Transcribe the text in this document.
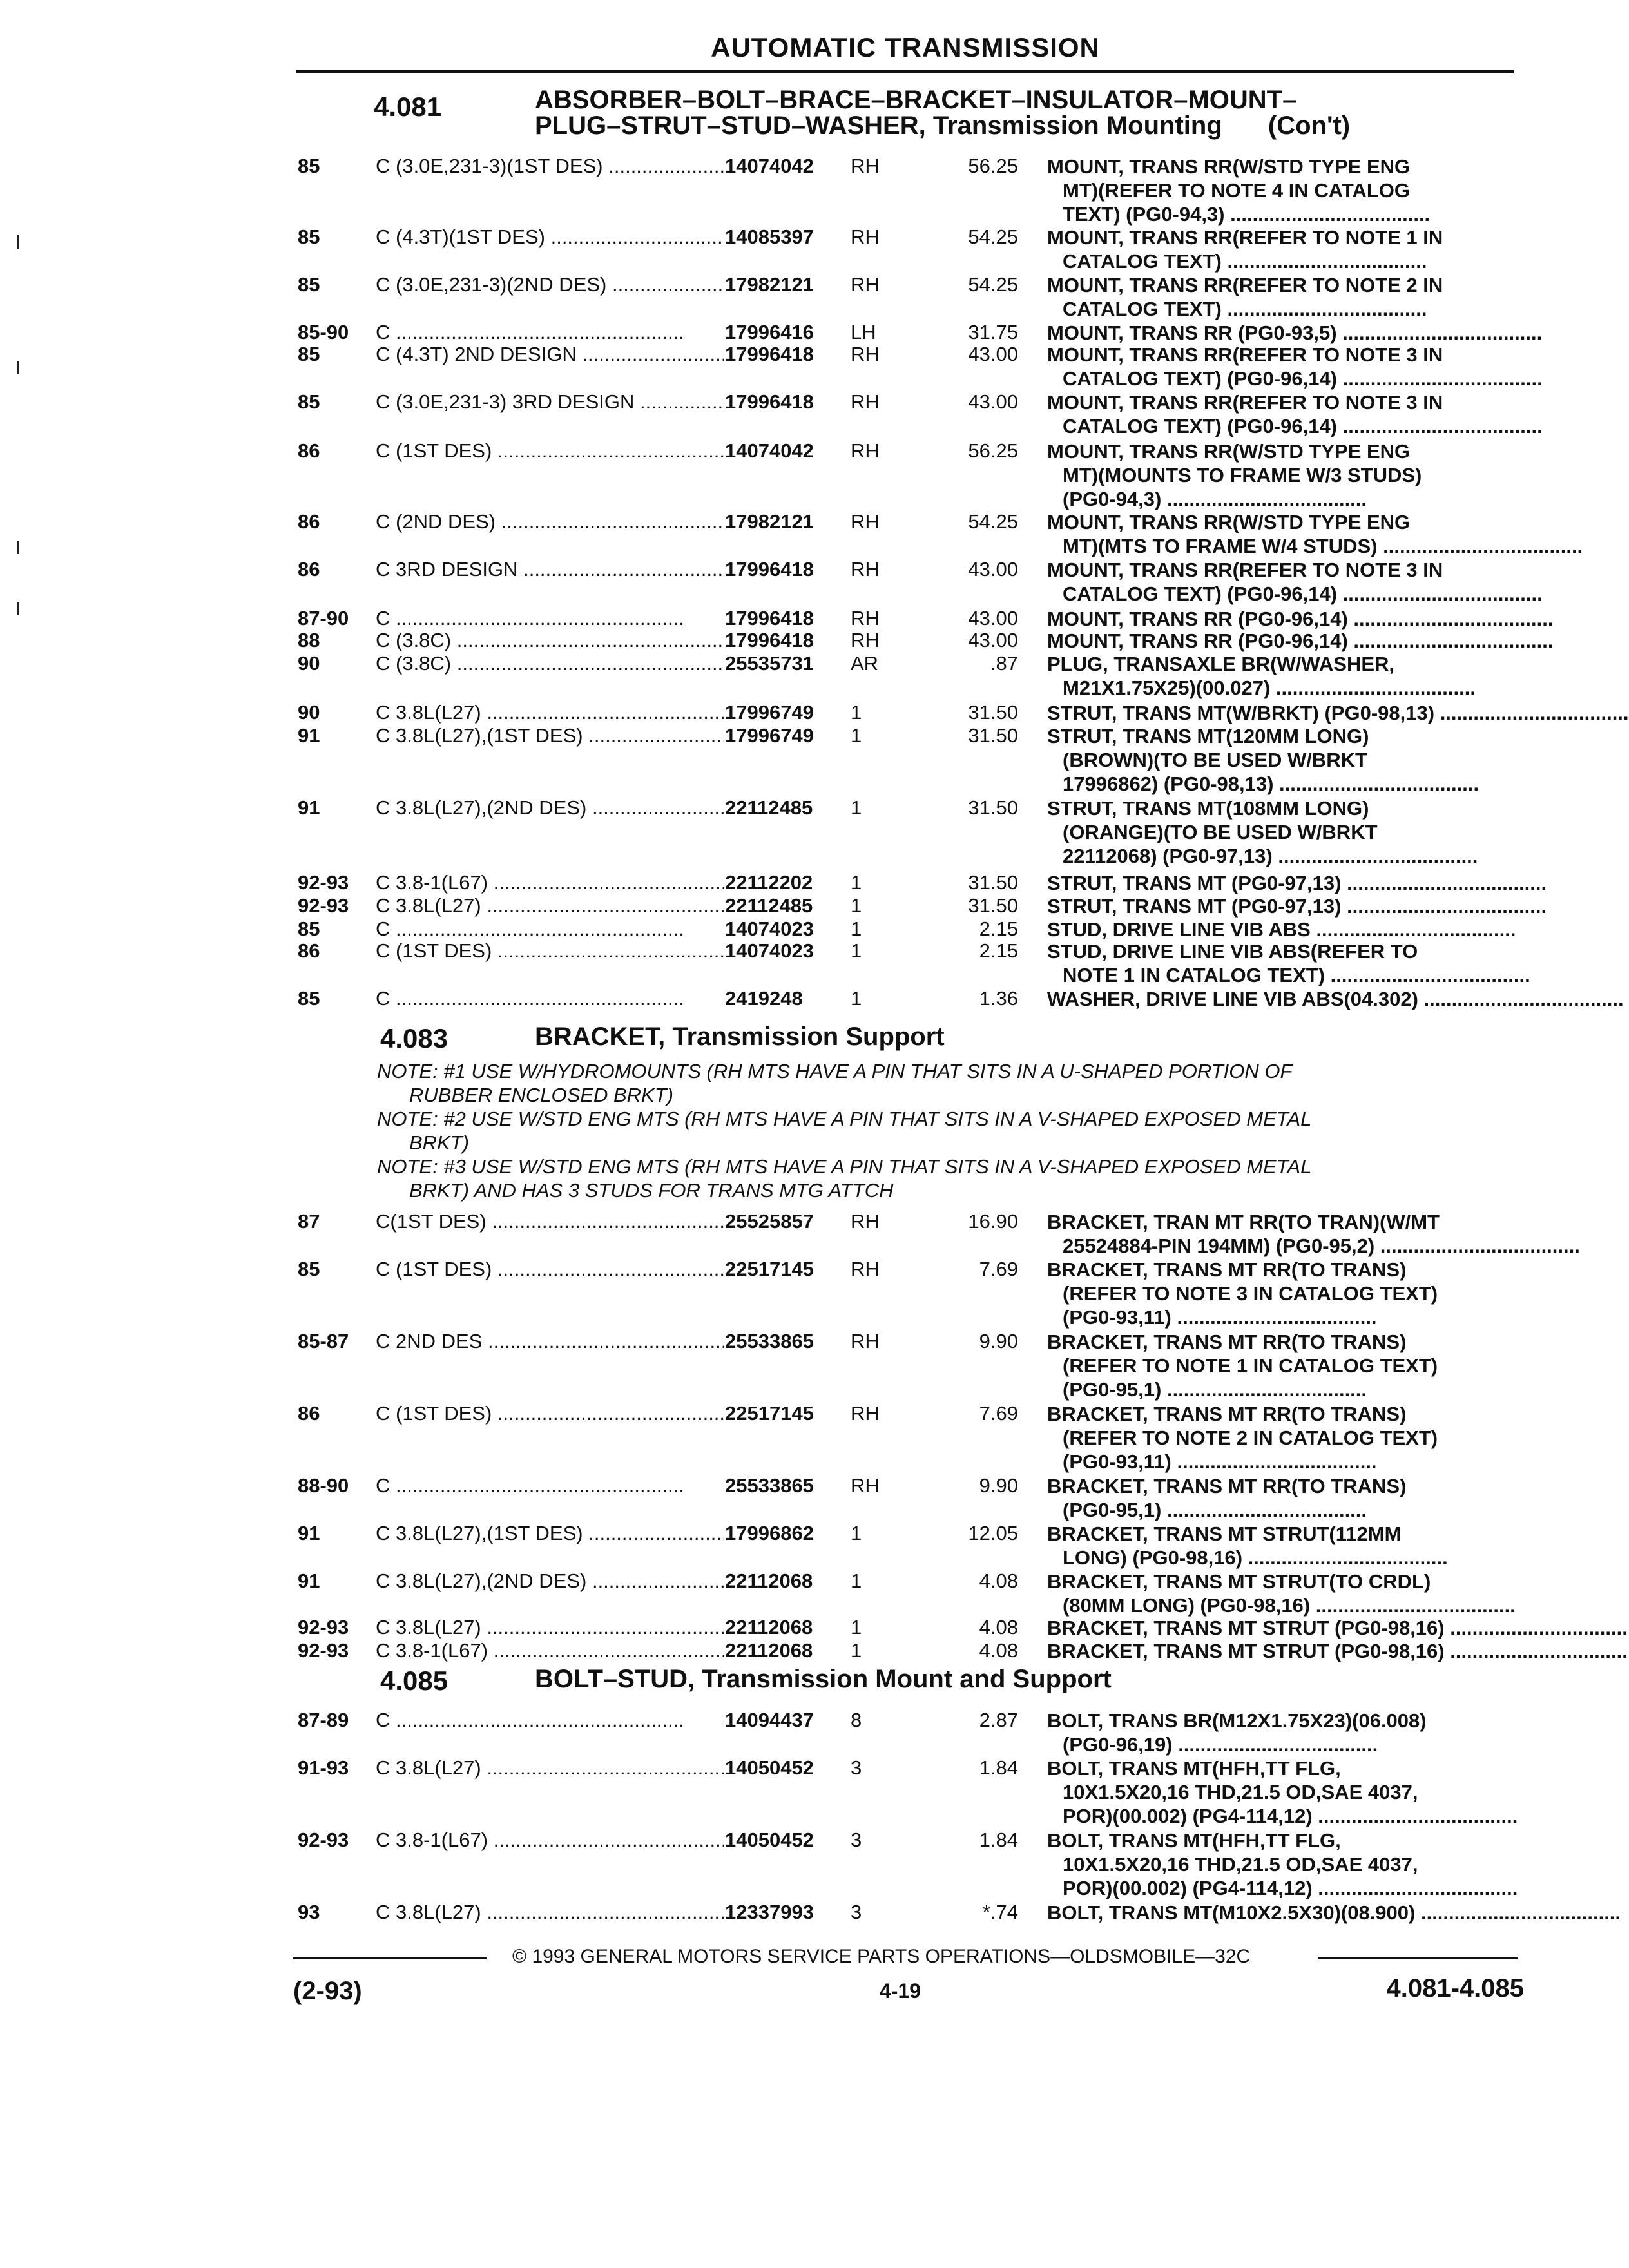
AUTOMATIC TRANSMISSION
4.081	ABSORBER–BOLT–BRACE–BRACKET–INSULATOR–MOUNT–
PLUG–STRUT–STUD–WASHER, Transmission Mounting (Con't)
85	C (3.0E,231-3)(1ST DES) .....	14074042 RH	56.25 MOUNT, TRANS RR(W/STD TYPE ENG
MT)(REFER TO NOTE 4 IN CATALOG
TEXT) (PG0-94,3) .....
85	C (4.3T)(1ST DES) .....	14085397 RH	54.25 MOUNT, TRANS RR(REFER TO NOTE 1 IN
CATALOG TEXT) .....
85	C (3.0E,231-3)(2ND DES) .....	17982121 RH	54.25 MOUNT, TRANS RR(REFER TO NOTE 2 IN
CATALOG TEXT) .....
85-90 C .....	17996416 LH	31.75 MOUNT, TRANS RR (PG0-93,5) .....
85	C (4.3T) 2ND DESIGN .....	17996418 RH	43.00 MOUNT, TRANS RR(REFER TO NOTE 3 IN
CATALOG TEXT) (PG0-96,14) .....
85	C (3.0E,231-3) 3RD DESIGN .....	17996418 RH	43.00 MOUNT, TRANS RR(REFER TO NOTE 3 IN
CATALOG TEXT) (PG0-96,14) .....
86	C (1ST DES) .....	14074042 RH	56.25 MOUNT, TRANS RR(W/STD TYPE ENG
MT)(MOUNTS TO FRAME W/3 STUDS)
(PG0-94,3) .....
86	C (2ND DES) .....	17982121 RH	54.25 MOUNT, TRANS RR(W/STD TYPE ENG
MT)(MTS TO FRAME W/4 STUDS) .....
86	C 3RD DESIGN .....	17996418 RH	43.00 MOUNT, TRANS RR(REFER TO NOTE 3 IN
CATALOG TEXT) (PG0-96,14) .....
87-90 C .....	17996418 RH	43.00 MOUNT, TRANS RR (PG0-96,14) .....
88	C (3.8C) .....	17996418 RH	43.00 MOUNT, TRANS RR (PG0-96,14) .....
90	C (3.8C) .....	25535731 AR	.87 PLUG, TRANSAXLE BR(W/WASHER,
M21X1.75X25)(00.027) .....
90	C 3.8L(L27) .....	17996749 1	31.50 STRUT, TRANS MT(W/BRKT) (PG0-98,13) .....
91	C 3.8L(L27),(1ST DES) .....	17996749 1	31.50 STRUT, TRANS MT(120MM LONG)
(BROWN)(TO BE USED W/BRKT
17996862) (PG0-98,13) .....
91	C 3.8L(L27),(2ND DES) .....	22112485 1	31.50 STRUT, TRANS MT(108MM LONG)
(ORANGE)(TO BE USED W/BRKT
22112068) (PG0-97,13) .....
92-93 C 3.8-1(L67) .....	22112202 1	31.50 STRUT, TRANS MT (PG0-97,13) .....
92-93 C 3.8L(L27) .....	22112485 1	31.50 STRUT, TRANS MT (PG0-97,13) .....
85	C .....	14074023 1	2.15 STUD, DRIVE LINE VIB ABS .....
86	C (1ST DES) .....	14074023 1	2.15 STUD, DRIVE LINE VIB ABS(REFER TO
NOTE 1 IN CATALOG TEXT) .....
85	C .....	2419248 1	1.36 WASHER, DRIVE LINE VIB ABS(04.302) .....
4.083	BRACKET, Transmission Support
NOTE: #1 USE W/HYDROMOUNTS (RH MTS HAVE A PIN THAT SITS IN A U-SHAPED PORTION OF
RUBBER ENCLOSED BRKT)
NOTE: #2 USE W/STD ENG MTS (RH MTS HAVE A PIN THAT SITS IN A V-SHAPED EXPOSED METAL
BRKT)
NOTE: #3 USE W/STD ENG MTS (RH MTS HAVE A PIN THAT SITS IN A V-SHAPED EXPOSED METAL
BRKT) AND HAS 3 STUDS FOR TRANS MTG ATTCH
87	C(1ST DES) .....	25525857 RH	16.90 BRACKET, TRAN MT RR(TO TRAN)(W/MT
25524884-PIN 194MM) (PG0-95,2) .....
85	C (1ST DES) .....	22517145 RH	7.69 BRACKET, TRANS MT RR(TO TRANS)
(REFER TO NOTE 3 IN CATALOG TEXT)
(PG0-93,11) .....
85-87 C 2ND DES .....	25533865 RH	9.90 BRACKET, TRANS MT RR(TO TRANS)
(REFER TO NOTE 1 IN CATALOG TEXT)
(PG0-95,1) .....
86	C (1ST DES) .....	22517145 RH	7.69 BRACKET, TRANS MT RR(TO TRANS)
(REFER TO NOTE 2 IN CATALOG TEXT)
(PG0-93,11) .....
88-90 C .....	25533865 RH	9.90 BRACKET, TRANS MT RR(TO TRANS)
(PG0-95,1) .....
91	C 3.8L(L27),(1ST DES) .....	17996862 1	12.05 BRACKET, TRANS MT STRUT(112MM
LONG) (PG0-98,16) .....
91	C 3.8L(L27),(2ND DES) .....	22112068 1	4.08 BRACKET, TRANS MT STRUT(TO CRDL)
(80MM LONG) (PG0-98,16) .....
92-93 C 3.8L(L27) .....	22112068 1	4.08 BRACKET, TRANS MT STRUT (PG0-98,16) .....
92-93 C 3.8-1(L67) .....	22112068 1	4.08 BRACKET, TRANS MT STRUT (PG0-98,16) .....
4.085	BOLT–STUD, Transmission Mount and Support
87-89 C .....	14094437 8	2.87 BOLT, TRANS BR(M12X1.75X23)(06.008)
(PG0-96,19) .....
91-93 C 3.8L(L27) .....	14050452 3	1.84 BOLT, TRANS MT(HFH,TT FLG,
10X1.5X20,16 THD,21.5 OD,SAE 4037,
POR)(00.002) (PG4-114,12) .....
92-93 C 3.8-1(L67) .....	14050452 3	1.84 BOLT, TRANS MT(HFH,TT FLG,
10X1.5X20,16 THD,21.5 OD,SAE 4037,
POR)(00.002) (PG4-114,12) .....
93	C 3.8L(L27) .....	12337993 3	*.74 BOLT, TRANS MT(M10X2.5X30)(08.900) .....
© 1993 GENERAL MOTORS SERVICE PARTS OPERATIONS—OLDSMOBILE—32C
(2-93)	4-19	4.081-4.085
